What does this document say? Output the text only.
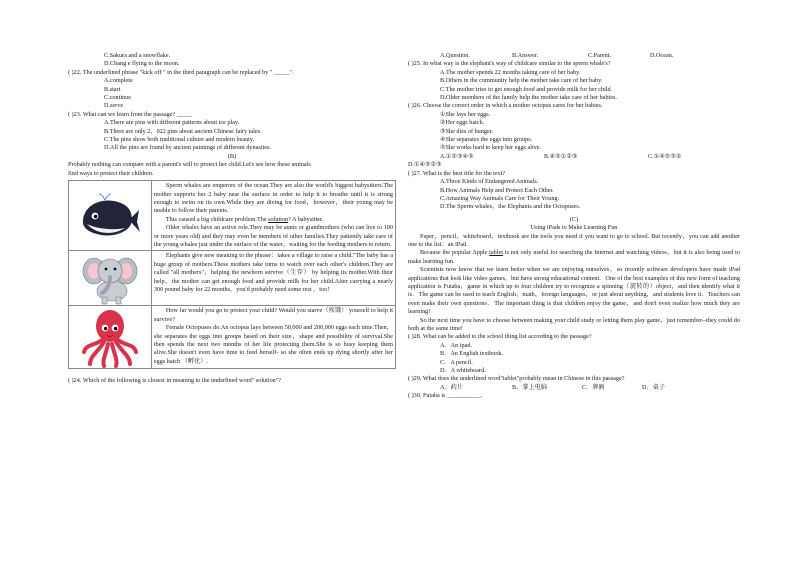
C.Sakura and a snowflake.
D.Chang e flying to the moon.
( )22. The underlined phrase "kick off " in the third paragraph can be replaced by " _____".
A.complete
B.start
C.continue
D.serve
( )23. What can we learn from the passage? _____
A.There are pins with different patterns about ice play.
B.There are only 2，022 pins about ancient Chinese fairy tales.
C.The pins show both traditional culture and modern beauty.
D.All the pins are found by ancient paintings of different dynasties.
(B)
Probably nothing can compare with a parent's will to protect her child.Let's see how these animals
find ways to protect their children.

Sperm whales are emperors of the ocean.They are also the world's biggest babysitters.The mother supports her 2 baby near the surface in order to help it to breathe until it is strong enough to swim on its own.While they are diving for food，however，their young may be unable to follow their parents.
This caused a big childcare problem.The solution? A babysitter.
Older whales have an active role.They may be aunts or grandmothers (who can live to 100 or more years old) and they may even be members of other families.They patiently take care of the young whales just under the surface of the water，waiting for the feeding mothers to return.

Elephants give new meaning to the phrase：takes a village to raise a child."The baby has a huge group of mothers.These mothers take turns to watch over each other's children.They are called "all mothers"，helping the newborn survive（生存） by helping its mother.With their help，the mother can get enough food and provide milk for her child.After carrying a nearly 300 pound baby for 22 months，you'd probably need some rest ，too!

How far would you go to protect your child? Would you starve（挨饿） yourself to help it survive?
Female Octopuses do.An octopus lays between 50,000 and 200,000 eggs each time.Then，she separates the eggs into groups based on their size，shape and possibility of survival.She then spends the next two months of her life protecting them.She is so busy keeping them alive.She doesn't even have time to feed herself- so she often ends up dying shortly after her eggs hatch （孵化）.
( )24. Which of the following is closest in meaning to the underlined word" solution"?
A.Question.	B.Answer.	C.Parent.	D.Ocean.
( )25. In what way is the elephant's way of childcare similar to the sperm whale's?
A.The mother spends 22 months taking care of her baby.
B.Others in the community help the mother take care of her baby.
C.The mother tries to get enough food and provide milk for her child.
D.Older members of the family help the mother take care of her babies.
( )26. Choose the correct order in which a mother octopus cares for her babies.
①She lays her eggs.
②Her eggs hatch.
③She dies of hunger.
④She separates the eggs into groups.
⑤She works hard to keep her eggs alive.
A.①②③④⑤	B.④⑤①②③	C.①④⑤③②
D.①④⑤②③
( )27. What is the best title for the text?
A.Three Kinds of Endangered Animals.
B.How Animals Help and Protect Each Other.
C.Amazing Way Animals Care for Their Young.
D.The Sperm whales，the Elephants and the Octopuses.
(C)
Using iPads to Make Learning Fun
Paper，pencil，whiteboard，textbook are the tools you need if you want to go to school. But recently，you can add another one to the list：an iPad.
Because the popular Apple tablet is not only useful for searching the Internet and watching videos，but it is also being used to make learning fun.
Scientists now know that we learn better when we are enjoying ourselves，so recently software developers have made iPad applications that look like video games，but have strong educational content．One of the best examples of this new form of teaching application is Futaba，game in which up to four children try to recognize a spinning（旋转的）object，and then identify what it is．The game can be used to teach English，math，foreign languages，or just about anything，and students love it．Teachers can even make their own questions．The important thing is that children enjoy the game，and don't even realize how much they are learning!
So the next time you have to choose between making your child study or letting them play game，just remember--they could do both at the same time!
( )28. What can be added to the school thing list according to the passage?
A．An ipad．
B．An English textbook．
C．A pencil．
D．A whiteboard．
( )29. What does the underlined word"tablet"probably mean in Chinese in this passage?
A．药片	B．掌上电脑	C．牌匾	D．桌子
( )30. Futaba is ___________.
